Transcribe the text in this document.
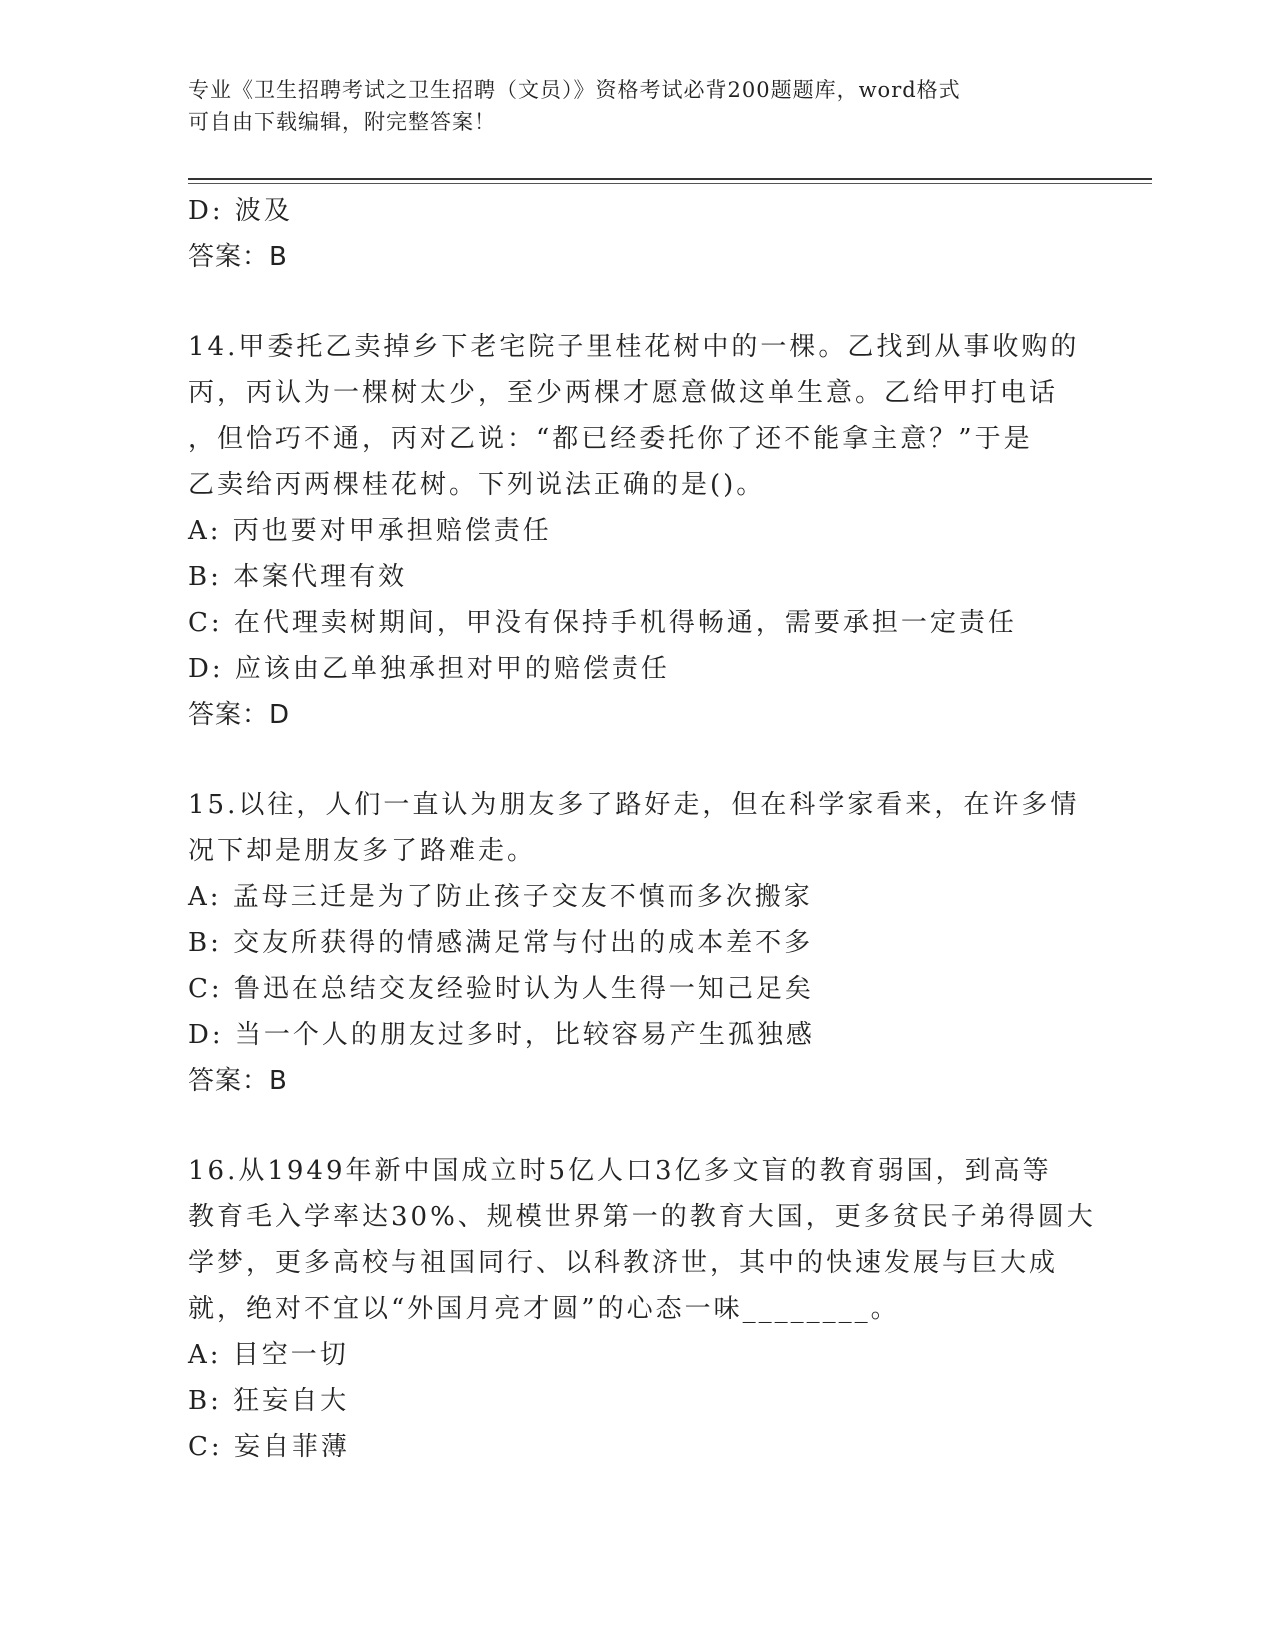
专业《卫生招聘考试之卫生招聘（文员）》资格考试必背200题题库，word格式
可自由下载编辑，附完整答案！
D: 波及
答案：B
14.甲委托乙卖掉乡下老宅院子里桂花树中的一棵。乙找到从事收购的
丙，丙认为一棵树太少，至少两棵才愿意做这单生意。乙给甲打电话
，但恰巧不通，丙对乙说：“都已经委托你了还不能拿主意？”于是
乙卖给丙两棵桂花树。下列说法正确的是()。
A: 丙也要对甲承担赔偿责任
B: 本案代理有效
C: 在代理卖树期间，甲没有保持手机得畅通，需要承担一定责任
D: 应该由乙单独承担对甲的赔偿责任
答案：D
15.以往，人们一直认为朋友多了路好走，但在科学家看来，在许多情
况下却是朋友多了路难走。
A: 孟母三迁是为了防止孩子交友不慎而多次搬家
B: 交友所获得的情感满足常与付出的成本差不多
C: 鲁迅在总结交友经验时认为人生得一知己足矣
D: 当一个人的朋友过多时，比较容易产生孤独感
答案：B
16.从1949年新中国成立时5亿人口3亿多文盲的教育弱国，到高等
教育毛入学率达30%、规模世界第一的教育大国，更多贫民子弟得圆大
学梦，更多高校与祖国同行、以科教济世，其中的快速发展与巨大成
就，绝对不宜以“外国月亮才圆”的心态一味________。
A: 目空一切
B: 狂妄自大
C: 妄自菲薄
